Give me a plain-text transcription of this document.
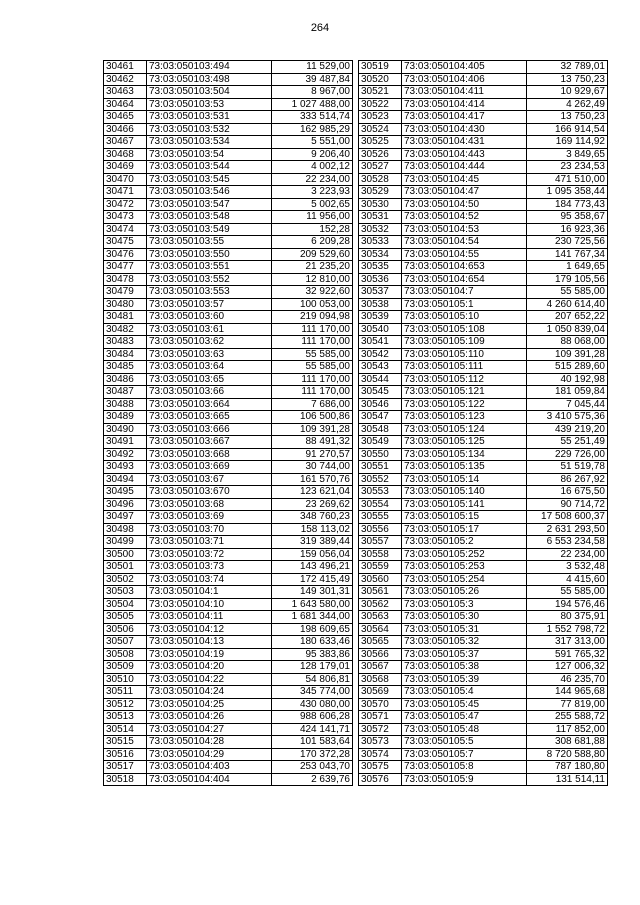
264
30461	73:03:050103:494	11 529,00
30462	73:03:050103:498	39 487,84
30463	73:03:050103:504	8 967,00
30464	73:03:050103:53	1 027 488,00
30465	73:03:050103:531	333 514,74
30466	73:03:050103:532	162 985,29
30467	73:03:050103:534	5 551,00
30468	73:03:050103:54	9 206,40
30469	73:03:050103:544	4 002,12
30470	73:03:050103:545	22 234,00
30471	73:03:050103:546	3 223,93
30472	73:03:050103:547	5 002,65
30473	73:03:050103:548	11 956,00
30474	73:03:050103:549	152,28
30475	73:03:050103:55	6 209,28
30476	73:03:050103:550	209 529,60
30477	73:03:050103:551	21 235,20
30478	73:03:050103:552	12 810,00
30479	73:03:050103:553	32 922,60
30480	73:03:050103:57	100 053,00
30481	73:03:050103:60	219 094,98
30482	73:03:050103:61	111 170,00
30483	73:03:050103:62	111 170,00
30484	73:03:050103:63	55 585,00
30485	73:03:050103:64	55 585,00
30486	73:03:050103:65	111 170,00
30487	73:03:050103:66	111 170,00
30488	73:03:050103:664	7 686,00
30489	73:03:050103:665	106 500,86
30490	73:03:050103:666	109 391,28
30491	73:03:050103:667	88 491,32
30492	73:03:050103:668	91 270,57
30493	73:03:050103:669	30 744,00
30494	73:03:050103:67	161 570,76
30495	73:03:050103:670	123 621,04
30496	73:03:050103:68	23 269,62
30497	73:03:050103:69	348 760,23
30498	73:03:050103:70	158 113,02
30499	73:03:050103:71	319 389,44
30500	73:03:050103:72	159 056,04
30501	73:03:050103:73	143 496,21
30502	73:03:050103:74	172 415,49
30503	73:03:050104:1	149 301,31
30504	73:03:050104:10	1 643 580,00
30505	73:03:050104:11	1 681 344,00
30506	73:03:050104:12	198 609,65
30507	73:03:050104:13	180 633,46
30508	73:03:050104:19	95 383,86
30509	73:03:050104:20	128 179,01
30510	73:03:050104:22	54 806,81
30511	73:03:050104:24	345 774,00
30512	73:03:050104:25	430 080,00
30513	73:03:050104:26	988 606,28
30514	73:03:050104:27	424 141,71
30515	73:03:050104:28	101 583,64
30516	73:03:050104:29	170 372,28
30517	73:03:050104:403	253 043,70
30518	73:03:050104:404	2 639,76
30519	73:03:050104:405	32 789,01
30520	73:03:050104:406	13 750,23
30521	73:03:050104:411	10 929,67
30522	73:03:050104:414	4 262,49
30523	73:03:050104:417	13 750,23
30524	73:03:050104:430	166 914,54
30525	73:03:050104:431	169 114,92
30526	73:03:050104:443	3 849,65
30527	73:03:050104:444	23 234,53
30528	73:03:050104:45	471 510,00
30529	73:03:050104:47	1 095 358,44
30530	73:03:050104:50	184 773,43
30531	73:03:050104:52	95 358,67
30532	73:03:050104:53	16 923,36
30533	73:03:050104:54	230 725,56
30534	73:03:050104:55	141 767,34
30535	73:03:050104:653	1 649,65
30536	73:03:050104:654	179 105,56
30537	73:03:050104:7	55 585,00
30538	73:03:050105:1	4 260 614,40
30539	73:03:050105:10	207 652,22
30540	73:03:050105:108	1 050 839,04
30541	73:03:050105:109	88 068,00
30542	73:03:050105:110	109 391,28
30543	73:03:050105:111	515 289,60
30544	73:03:050105:112	40 192,98
30545	73:03:050105:121	181 059,84
30546	73:03:050105:122	7 045,44
30547	73:03:050105:123	3 410 575,36
30548	73:03:050105:124	439 219,20
30549	73:03:050105:125	55 251,49
30550	73:03:050105:134	229 726,00
30551	73:03:050105:135	51 519,78
30552	73:03:050105:14	86 267,92
30553	73:03:050105:140	16 675,50
30554	73:03:050105:141	90 714,72
30555	73:03:050105:15	17 508 600,37
30556	73:03:050105:17	2 631 293,50
30557	73:03:050105:2	6 553 234,58
30558	73:03:050105:252	22 234,00
30559	73:03:050105:253	3 532,48
30560	73:03:050105:254	4 415,60
30561	73:03:050105:26	55 585,00
30562	73:03:050105:3	194 576,46
30563	73:03:050105:30	80 375,91
30564	73:03:050105:31	1 552 798,72
30565	73:03:050105:32	317 313,00
30566	73:03:050105:37	591 765,32
30567	73:03:050105:38	127 006,32
30568	73:03:050105:39	46 235,70
30569	73:03:050105:4	144 965,68
30570	73:03:050105:45	77 819,00
30571	73:03:050105:47	255 588,72
30572	73:03:050105:48	117 852,00
30573	73:03:050105:5	308 681,88
30574	73:03:050105:7	8 720 588,80
30575	73:03:050105:8	787 180,80
30576	73:03:050105:9	131 514,11
